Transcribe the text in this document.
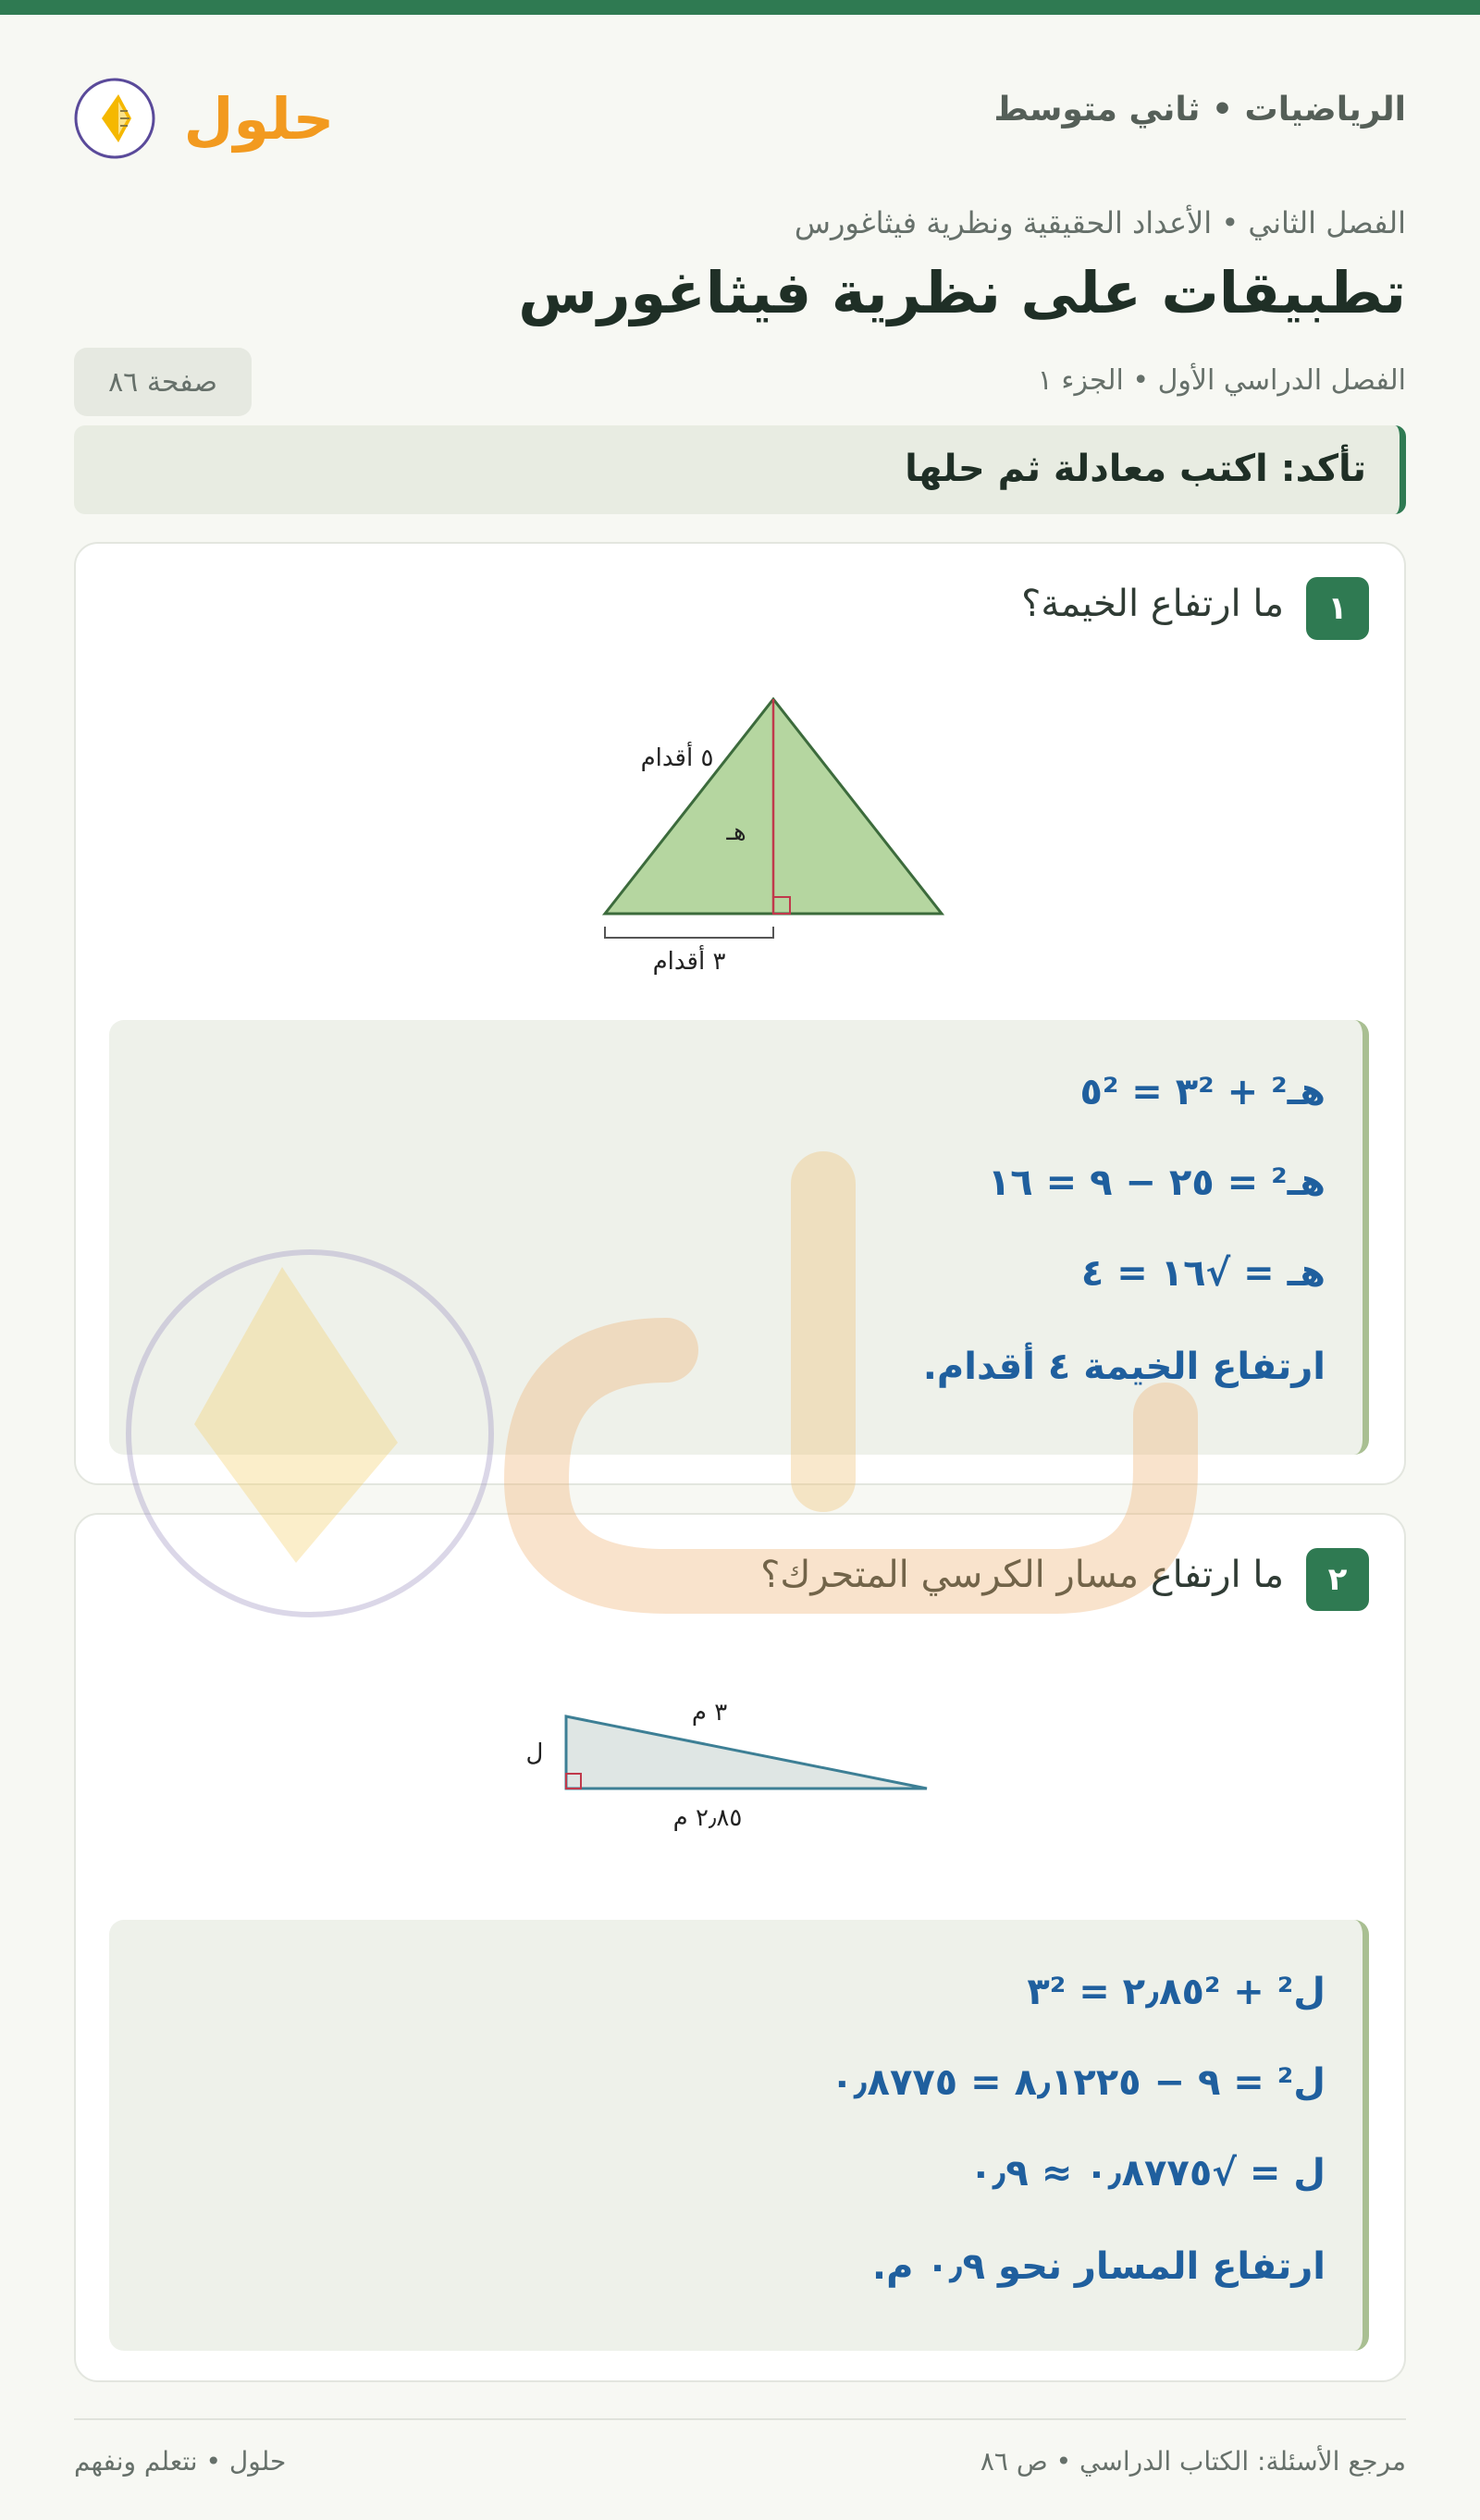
الرياضيات • ثاني متوسط
حلول
الفصل الثاني • الأعداد الحقيقية ونظرية فيثاغورس
تطبيقات على نظرية فيثاغورس
الفصل الدراسي الأول • الجزء ١
صفحة ٨٦
تأكد: اكتب معادلة ثم حلها
١
ما ارتفاع الخيمة؟
٥ أقدام
هـ
٣ أقدام
هـ² + ٣² = ٥²
هـ² = ٢٥ − ٩ = ١٦
هـ = √١٦ = ٤
ارتفاع الخيمة ٤ أقدام.
٢
ما ارتفاع مسار الكرسي المتحرك؟
٣ م
ل
٢٫٨٥ م
ل² + ٢٫٨٥² = ٣²
ل² = ٩ − ٨٫١٢٢٥ = ٠٫٨٧٧٥
ل = √٠٫٨٧٧٥ ≈ ٠٫٩
ارتفاع المسار نحو ٠٫٩ م.
مرجع الأسئلة: الكتاب الدراسي • ص ٨٦
حلول • نتعلم ونفهم
